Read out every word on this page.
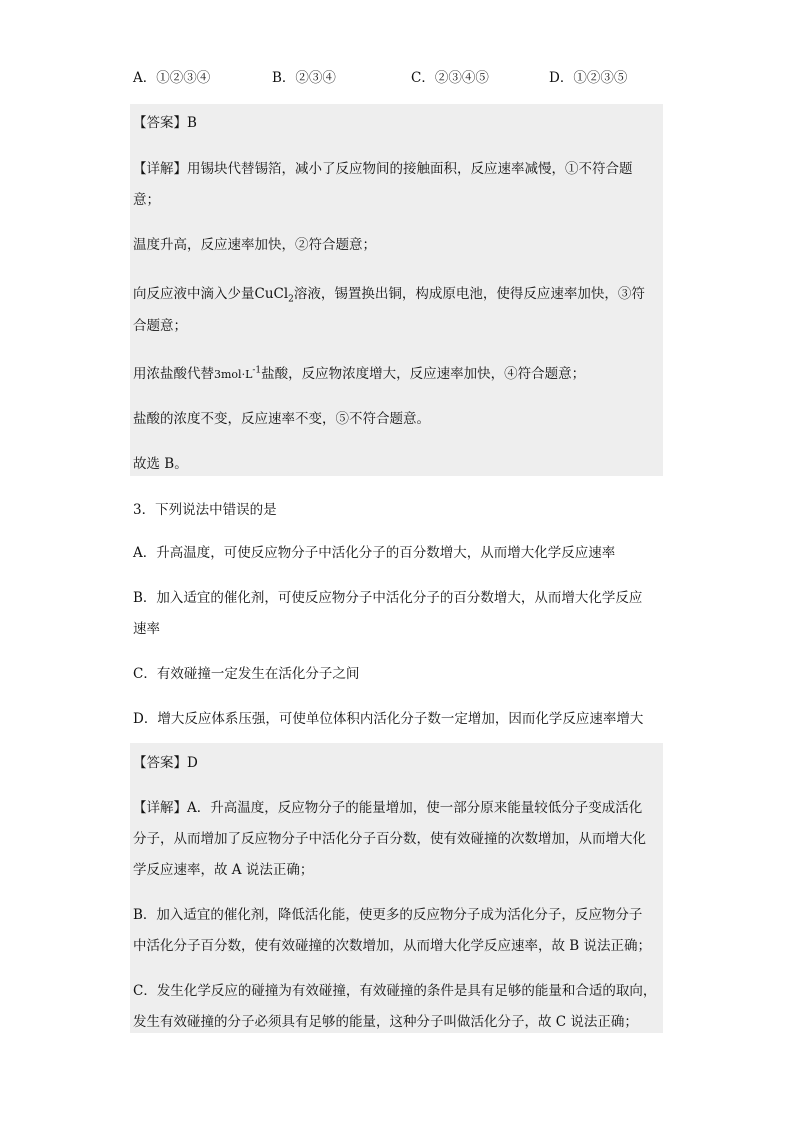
A．①②③④	B．②③④	C．②③④⑤	D．①②③⑤
【答案】B
【详解】用锡块代替锡箔，减小了反应物间的接触面积，反应速率减慢，①不符合题
意；
温度升高，反应速率加快，②符合题意；
向反应液中滴入少量CuCl$_2$溶液，锡置换出铜，构成原电池，使得反应速率加快，③符
合题意；
用浓盐酸代替$3mol\cdot L^{-1}$盐酸，反应物浓度增大，反应速率加快，④符合题意；
盐酸的浓度不变，反应速率不变，⑤不符合题意。
故选 B。
3．下列说法中错误的是
A．升高温度，可使反应物分子中活化分子的百分数增大，从而增大化学反应速率
B．加入适宜的催化剂，可使反应物分子中活化分子的百分数增大，从而增大化学反应
速率
C．有效碰撞一定发生在活化分子之间
D．增大反应体系压强，可使单位体积内活化分子数一定增加，因而化学反应速率增大
【答案】D
【详解】A．升高温度，反应物分子的能量增加，使一部分原来能量较低分子变成活化
分子，从而增加了反应物分子中活化分子百分数，使有效碰撞的次数增加，从而增大化
学反应速率，故 A 说法正确；
B．加入适宜的催化剂，降低活化能，使更多的反应物分子成为活化分子，反应物分子
中活化分子百分数，使有效碰撞的次数增加，从而增大化学反应速率，故 B 说法正确；
C．发生化学反应的碰撞为有效碰撞，有效碰撞的条件是具有足够的能量和合适的取向，
发生有效碰撞的分子必须具有足够的能量，这种分子叫做活化分子，故 C 说法正确；
